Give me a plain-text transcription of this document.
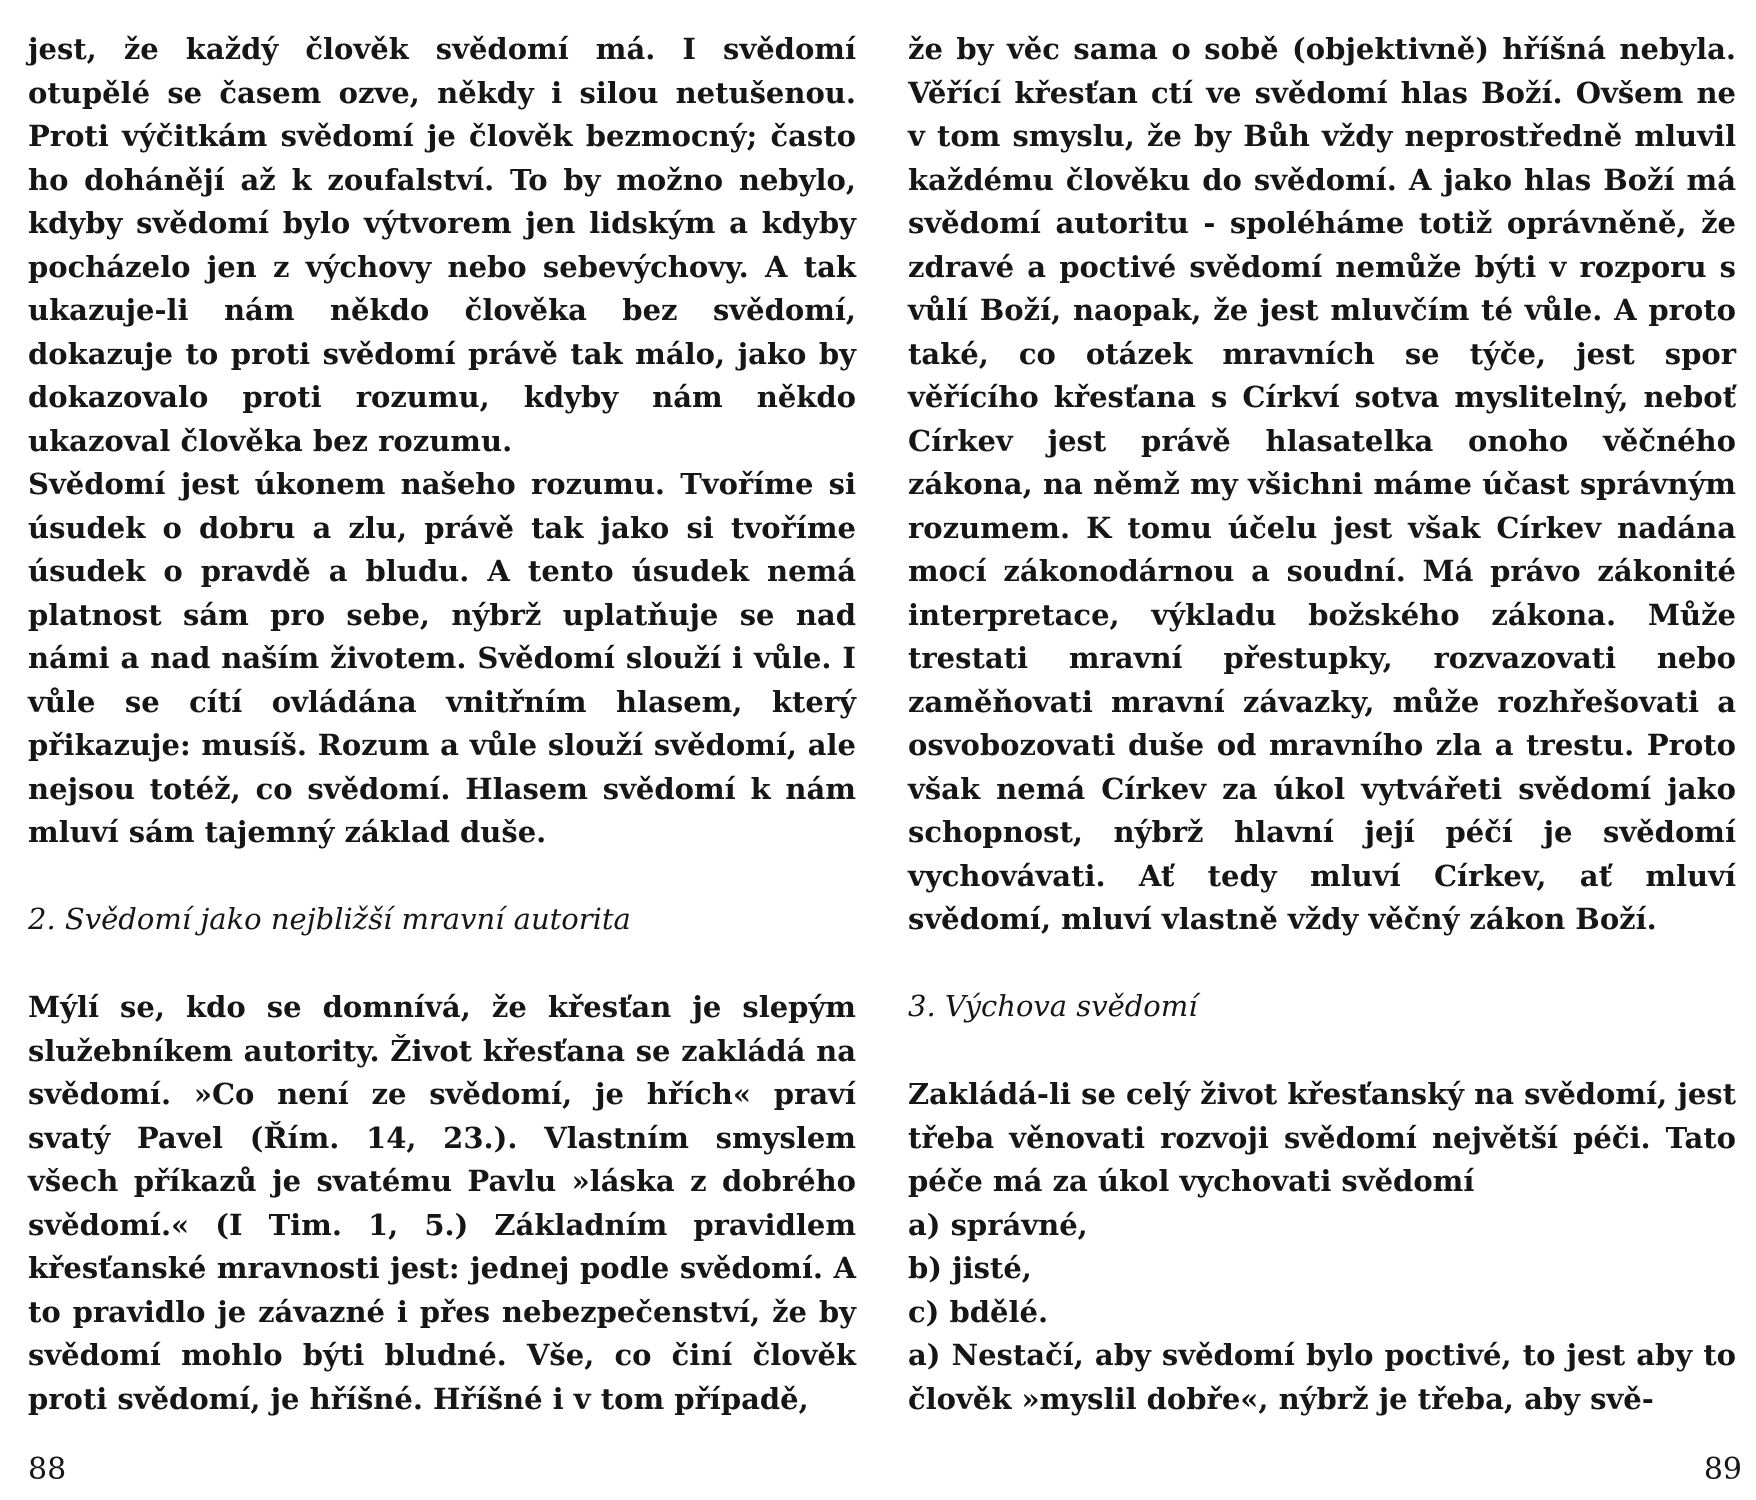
jest, že každý člověk svědomí má. I svědomí otupělé se časem ozve, někdy i silou netušenou. Proti výčitkám svědomí je člověk bezmocný; často ho dohánějí až k zoufalství. To by možno nebylo, kdyby svědomí bylo výtvorem jen lidským a kdyby pocházelo jen z výchovy nebo sebevýchovy. A tak ukazuje-li nám někdo člověka bez svědomí, dokazuje to proti svědomí právě tak málo, jako by dokazovalo proti rozumu, kdyby nám někdo ukazoval člověka bez rozumu.

Svědomí jest úkonem našeho rozumu. Tvoříme si úsudek o dobru a zlu, právě tak jako si tvoříme úsudek o pravdě a bludu. A tento úsudek nemá platnost sám pro sebe, nýbrž uplatňuje se nad námi a nad naším životem. Svědomí slouží i vůle. I vůle se cítí ovládána vnitřním hlasem, který přikazuje: musíš. Rozum a vůle slouží svědomí, ale nejsou totéž, co svědomí. Hlasem svědomí k nám mluví sám tajemný základ duše.

2. Svědomí jako nejbližší mravní autorita

Mýlí se, kdo se domnívá, že křesťan je slepým služebníkem autority. Život křesťana se zakládá na svědomí. »Co není ze svědomí, je hřích« praví svatý Pavel (Řím. 14, 23.). Vlastním smyslem všech příkazů je svatému Pavlu »láska z dobrého svědomí.« (I Tim. 1, 5.) Základním pravidlem křesťanské mravnosti jest: jednej podle svědomí. A to pravidlo je závazné i přes nebezpečenství, že by svědomí mohlo býti bludné. Vše, co činí člověk proti svědomí, je hříšné. Hříšné i v tom případě,

88

že by věc sama o sobě (objektivně) hříšná nebyla. Věřící křesťan ctí ve svědomí hlas Boží. Ovšem ne v tom smyslu, že by Bůh vždy neprostředně mluvil každému člověku do svědomí. A jako hlas Boží má svědomí autoritu - spoléháme totiž oprávněně, že zdravé a poctivé svědomí nemůže býti v rozporu s vůlí Boží, naopak, že jest mluvčím té vůle. A proto také, co otázek mravních se týče, jest spor věřícího křesťana s Církví sotva myslitelný, neboť Církev jest právě hlasatelka onoho věčného zákona, na němž my všichni máme účast správným rozumem. K tomu účelu jest však Církev nadána mocí zákonodárnou a soudní. Má právo zákonité interpretace, výkladu božského zákona. Může trestati mravní přestupky, rozvazovati nebo zaměňovati mravní závazky, může rozhřešovati a osvobozovati duše od mravního zla a trestu. Proto však nemá Církev za úkol vytvářeti svědomí jako schopnost, nýbrž hlavní její péčí je svědomí vychovávati. Ať tedy mluví Církev, ať mluví svědomí, mluví vlastně vždy věčný zákon Boží.

3. Výchova svědomí

Zakládá-li se celý život křesťanský na svědomí, jest třeba věnovati rozvoji svědomí největší péči. Tato péče má za úkol vychovati svědomí

a) správné,

b) jisté,

c) bdělé.

a) Nestačí, aby svědomí bylo poctivé, to jest aby to člověk »myslil dobře«, nýbrž je třeba, aby svě-

89
